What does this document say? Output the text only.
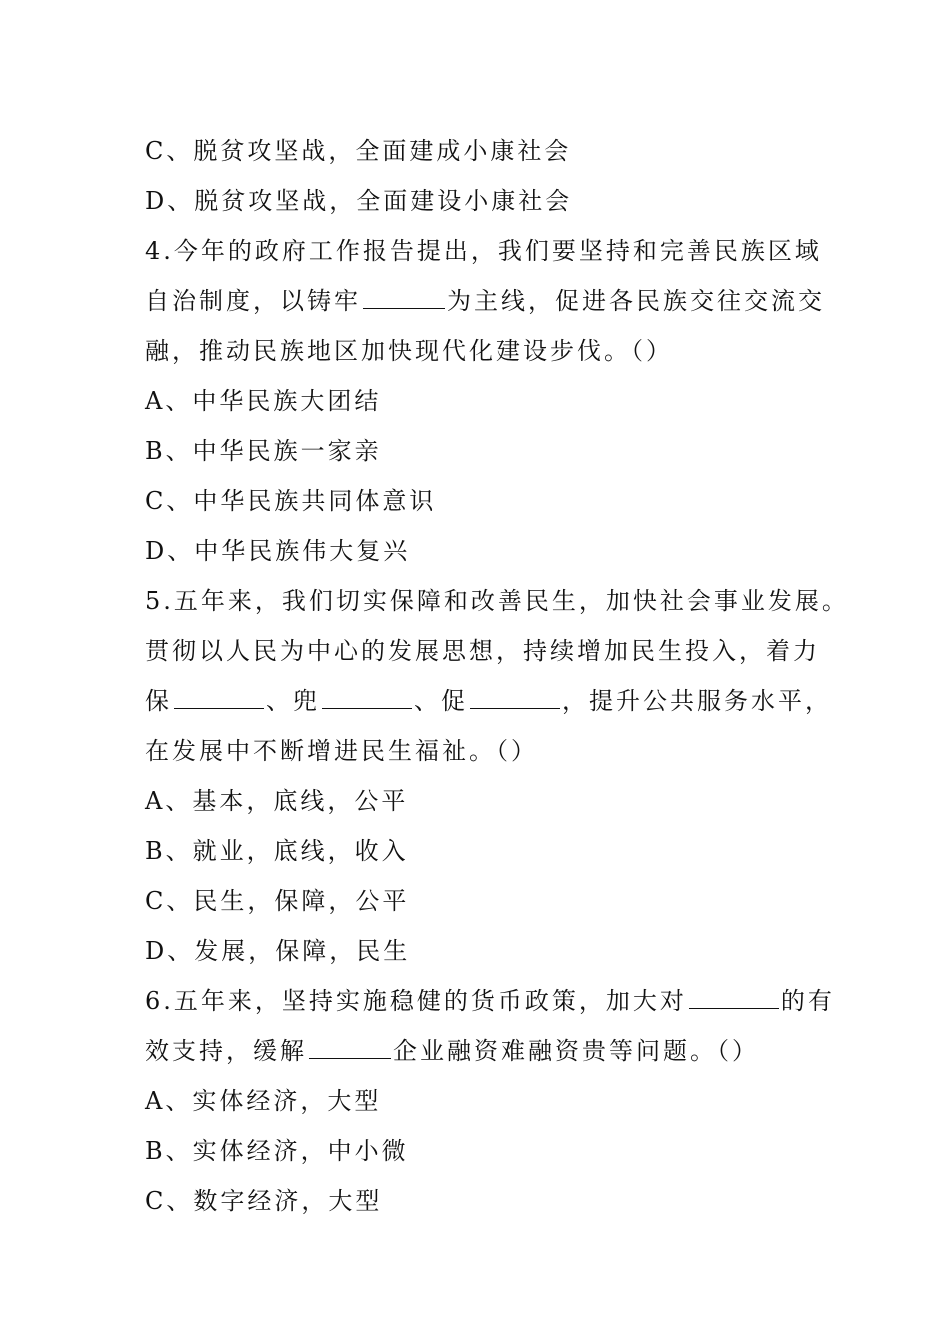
C、脱贫攻坚战，全面建成小康社会
D、脱贫攻坚战，全面建设小康社会
4.今年的政府工作报告提出，我们要坚持和完善民族区域
自治制度，以铸牢	为主线，促进各民族交往交流交
融，推动民族地区加快现代化建设步伐。（）
A、中华民族大团结
B、中华民族一家亲
C、中华民族共同体意识
D、中华民族伟大复兴
5.五年来，我们切实保障和改善民生，加快社会事业发展。
贯彻以人民为中心的发展思想，持续增加民生投入，着力
保	、兜	、促	，提升公共服务水平，
在发展中不断增进民生福祉。（）
A、基本，底线，公平
B、就业，底线，收入
C、民生，保障，公平
D、发展，保障，民生
6.五年来，坚持实施稳健的货币政策，加大对	的有
效支持，缓解	企业融资难融资贵等问题。（）
A、实体经济，大型
B、实体经济，中小微
C、数字经济，大型
